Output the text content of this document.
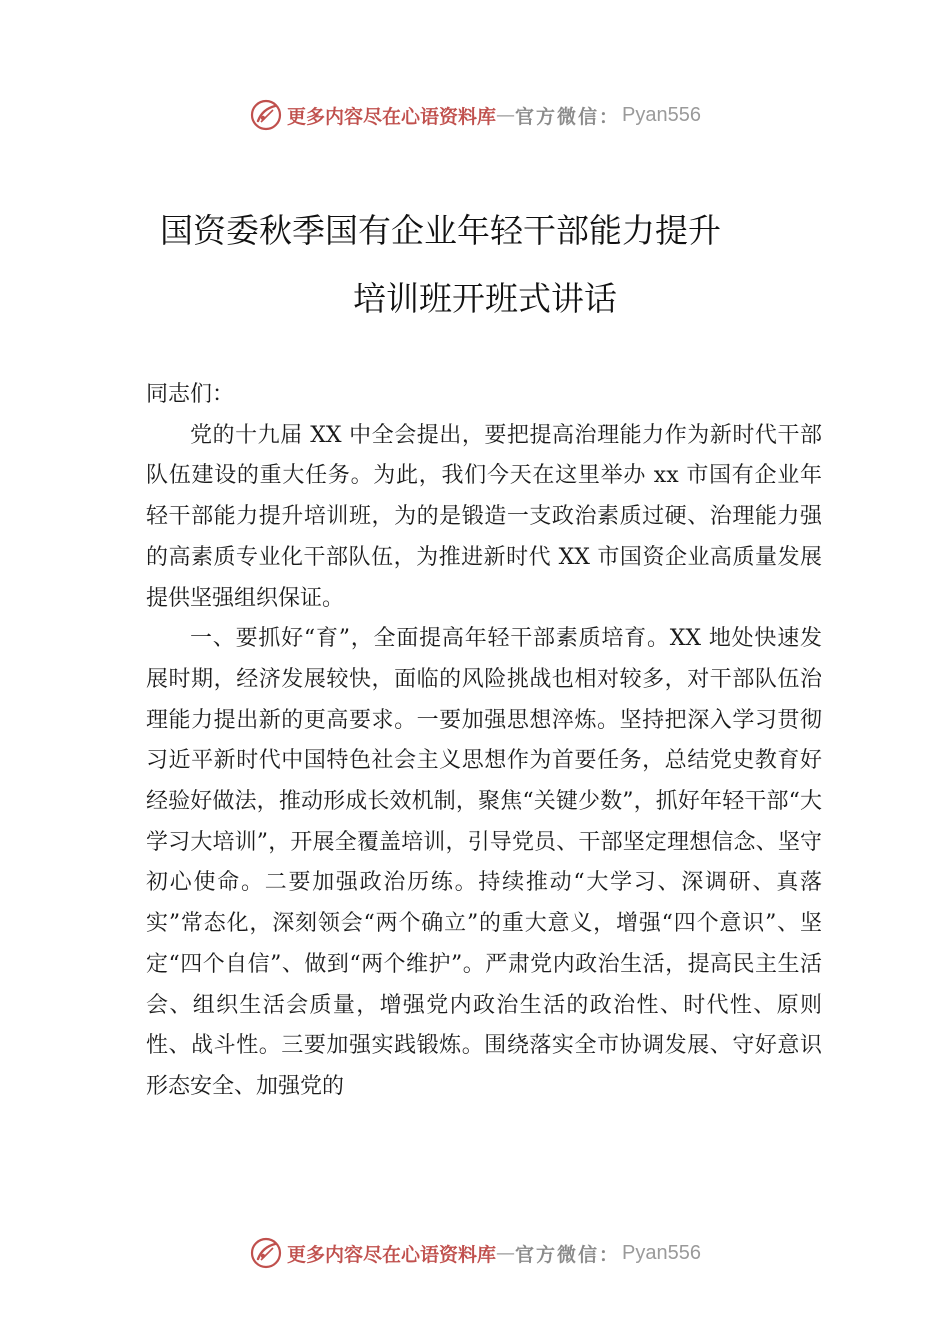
更多内容尽在心语资料库 — 官方微信： Pyan556
国资委秋季国有企业年轻干部能力提升
培训班开班式讲话

同志们：

党的十九届 XX 中全会提出，要把提高治理能力作为新时代干部队伍建设的重大任务。为此，我们今天在这里举办 xx 市国有企业年轻干部能力提升培训班，为的是锻造一支政治素质过硬、治理能力强的高素质专业化干部队伍，为推进新时代 XX 市国资企业高质量发展提供坚强组织保证。

一、要抓好“育”，全面提高年轻干部素质培育。XX 地处快速发展时期，经济发展较快，面临的风险挑战也相对较多，对干部队伍治理能力提出新的更高要求。一要加强思想淬炼。坚持把深入学习贯彻习近平新时代中国特色社会主义思想作为首要任务，总结党史教育好经验好做法，推动形成长效机制，聚焦“关键少数”，抓好年轻干部“大学习大培训”，开展全覆盖培训，引导党员、干部坚定理想信念、坚守初心使命。二要加强政治历练。持续推动“大学习、深调研、真落实”常态化，深刻领会“两个确立”的重大意义，增强“四个意识”、坚定“四个自信”、做到“两个维护”。严肃党内政治生活，提高民主生活会、组织生活会质量，增强党内政治生活的政治性、时代性、原则性、战斗性。三要加强实践锻炼。围绕落实全市协调发展、守好意识形态安全、加强党的

更多内容尽在心语资料库 — 官方微信： Pyan556
